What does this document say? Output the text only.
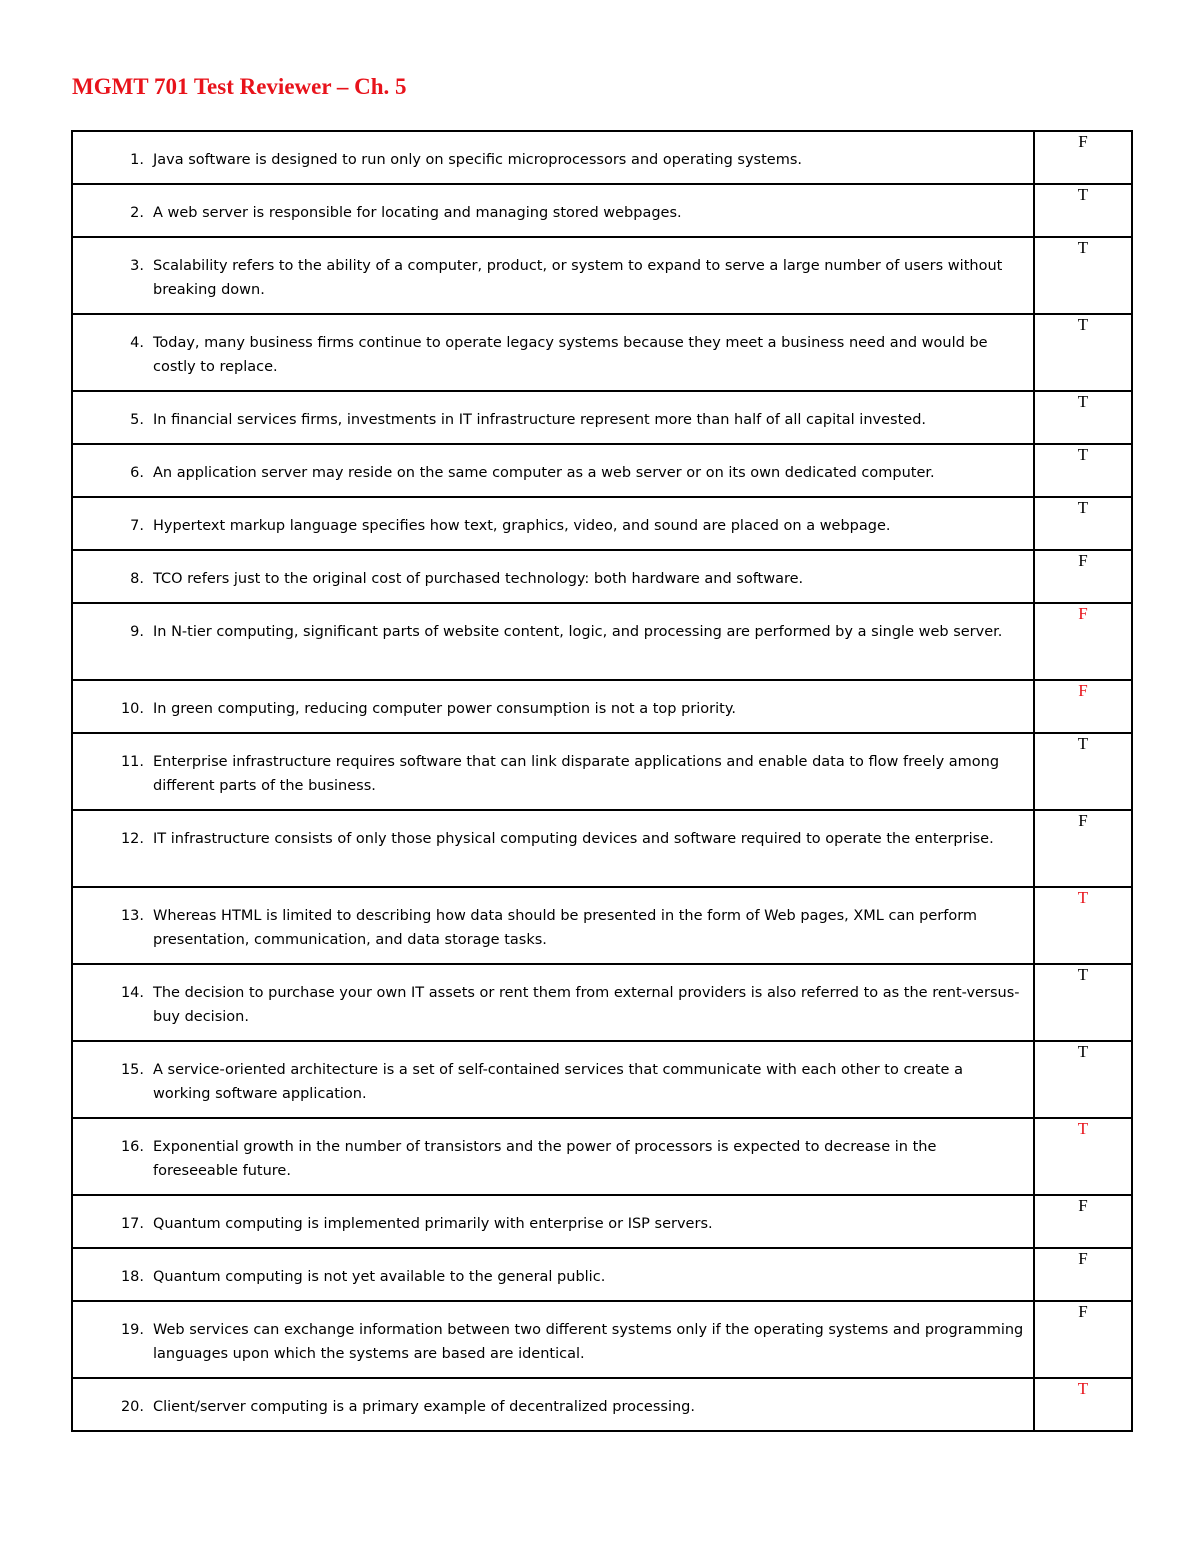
MGMT 701 Test Reviewer – Ch. 5
1. Java software is designed to run only on specific microprocessors and operating systems.	F

2. A web server is responsible for locating and managing stored webpages.	T

3. Scalability refers to the ability of a computer, product, or system to expand to serve a large number of users without breaking down.	T

4. Today, many business firms continue to operate legacy systems because they meet a business need and would be costly to replace.	T

5. In financial services firms, investments in IT infrastructure represent more than half of all capital invested.	T

6. An application server may reside on the same computer as a web server or on its own dedicated computer.	T

7. Hypertext markup language specifies how text, graphics, video, and sound are placed on a webpage.	T

8. TCO refers just to the original cost of purchased technology: both hardware and software.	F

9. In N-tier computing, significant parts of website content, logic, and processing are performed by a single web server.	F

10. In green computing, reducing computer power consumption is not a top priority.	F

11. Enterprise infrastructure requires software that can link disparate applications and enable data to flow freely among different parts of the business.	T

12. IT infrastructure consists of only those physical computing devices and software required to operate the enterprise.	F

13. Whereas HTML is limited to describing how data should be presented in the form of Web pages, XML can perform presentation, communication, and data storage tasks.	T

14. The decision to purchase your own IT assets or rent them from external providers is also referred to as the rent-versus-buy decision.	T

15. A service-oriented architecture is a set of self-contained services that communicate with each other to create a working software application.	T

16. Exponential growth in the number of transistors and the power of processors is expected to decrease in the foreseeable future.	T

17. Quantum computing is implemented primarily with enterprise or ISP servers.	F

18. Quantum computing is not yet available to the general public.	F

19. Web services can exchange information between two different systems only if the operating systems and programming languages upon which the systems are based are identical.	F

20. Client/server computing is a primary example of decentralized processing.	T
